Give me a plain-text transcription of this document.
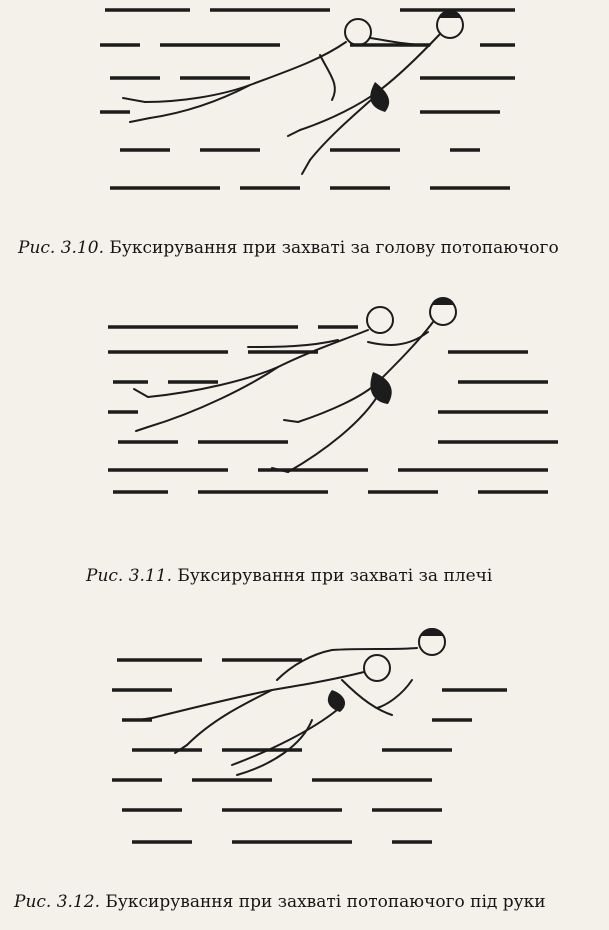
Рис. 3.10. Буксирування при захваті за голову потопаючого
Рис. 3.11. Буксирування при захваті за плечі
Рис. 3.12. Буксирування при захваті потопаючого під руки
